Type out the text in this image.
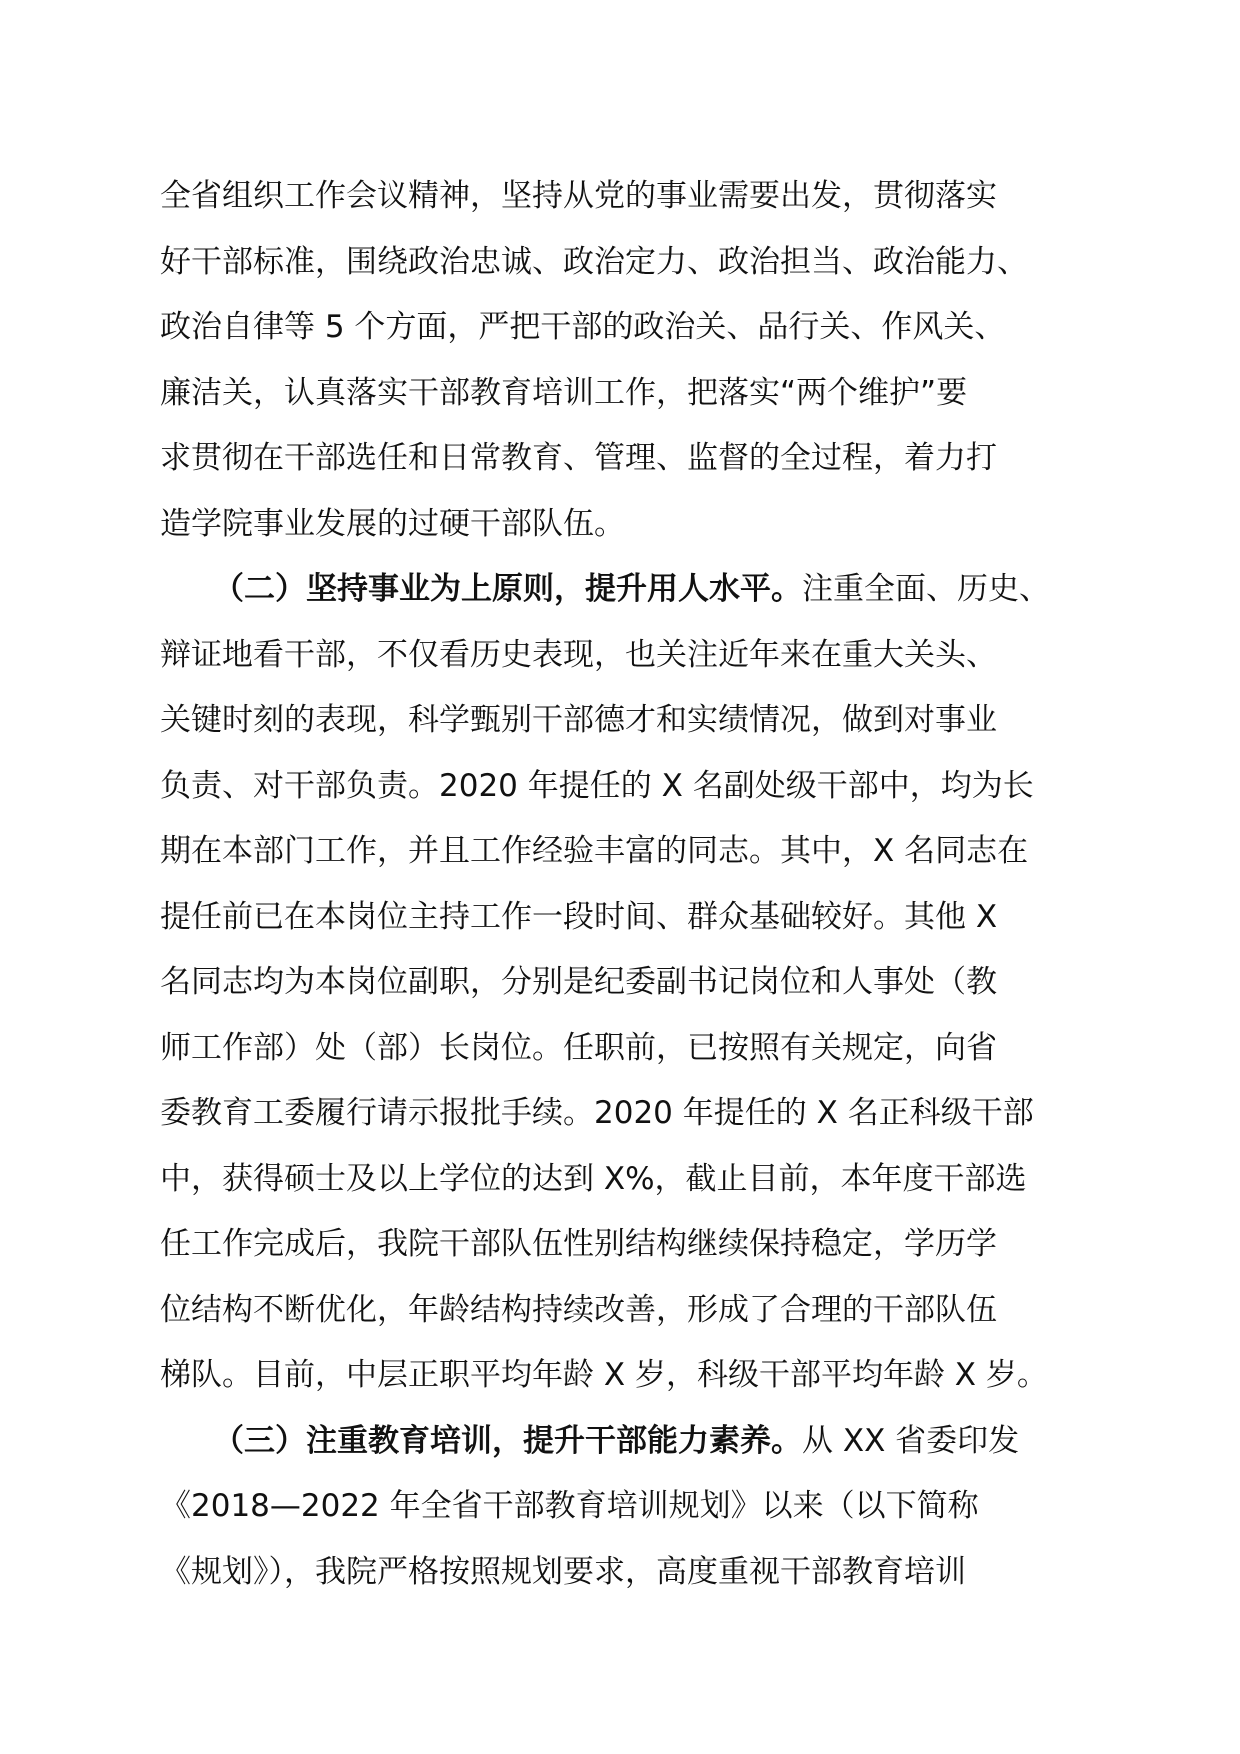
全省组织工作会议精神，坚持从党的事业需要出发，贯彻落实
好干部标准，围绕政治忠诚、政治定力、政治担当、政治能力、
政治自律等 5 个方面，严把干部的政治关、品行关、作风关、
廉洁关，认真落实干部教育培训工作，把落实“两个维护”要
求贯彻在干部选任和日常教育、管理、监督的全过程，着力打
造学院事业发展的过硬干部队伍。
（二）坚持事业为上原则，提升用人水平。注重全面、历史、
辩证地看干部，不仅看历史表现，也关注近年来在重大关头、
关键时刻的表现，科学甄别干部德才和实绩情况，做到对事业
负责、对干部负责。2020 年提任的 X 名副处级干部中，均为长
期在本部门工作，并且工作经验丰富的同志。其中，X 名同志在
提任前已在本岗位主持工作一段时间、群众基础较好。其他 X
名同志均为本岗位副职，分别是纪委副书记岗位和人事处（教
师工作部）处（部）长岗位。任职前，已按照有关规定，向省
委教育工委履行请示报批手续。2020 年提任的 X 名正科级干部
中，获得硕士及以上学位的达到 X%，截止目前，本年度干部选
任工作完成后，我院干部队伍性别结构继续保持稳定，学历学
位结构不断优化，年龄结构持续改善，形成了合理的干部队伍
梯队。目前，中层正职平均年龄 X 岁，科级干部平均年龄 X 岁。
（三）注重教育培训，提升干部能力素养。从 XX 省委印发
《2018—2022 年全省干部教育培训规划》以来（以下简称
《规划》），我院严格按照规划要求，高度重视干部教育培训
